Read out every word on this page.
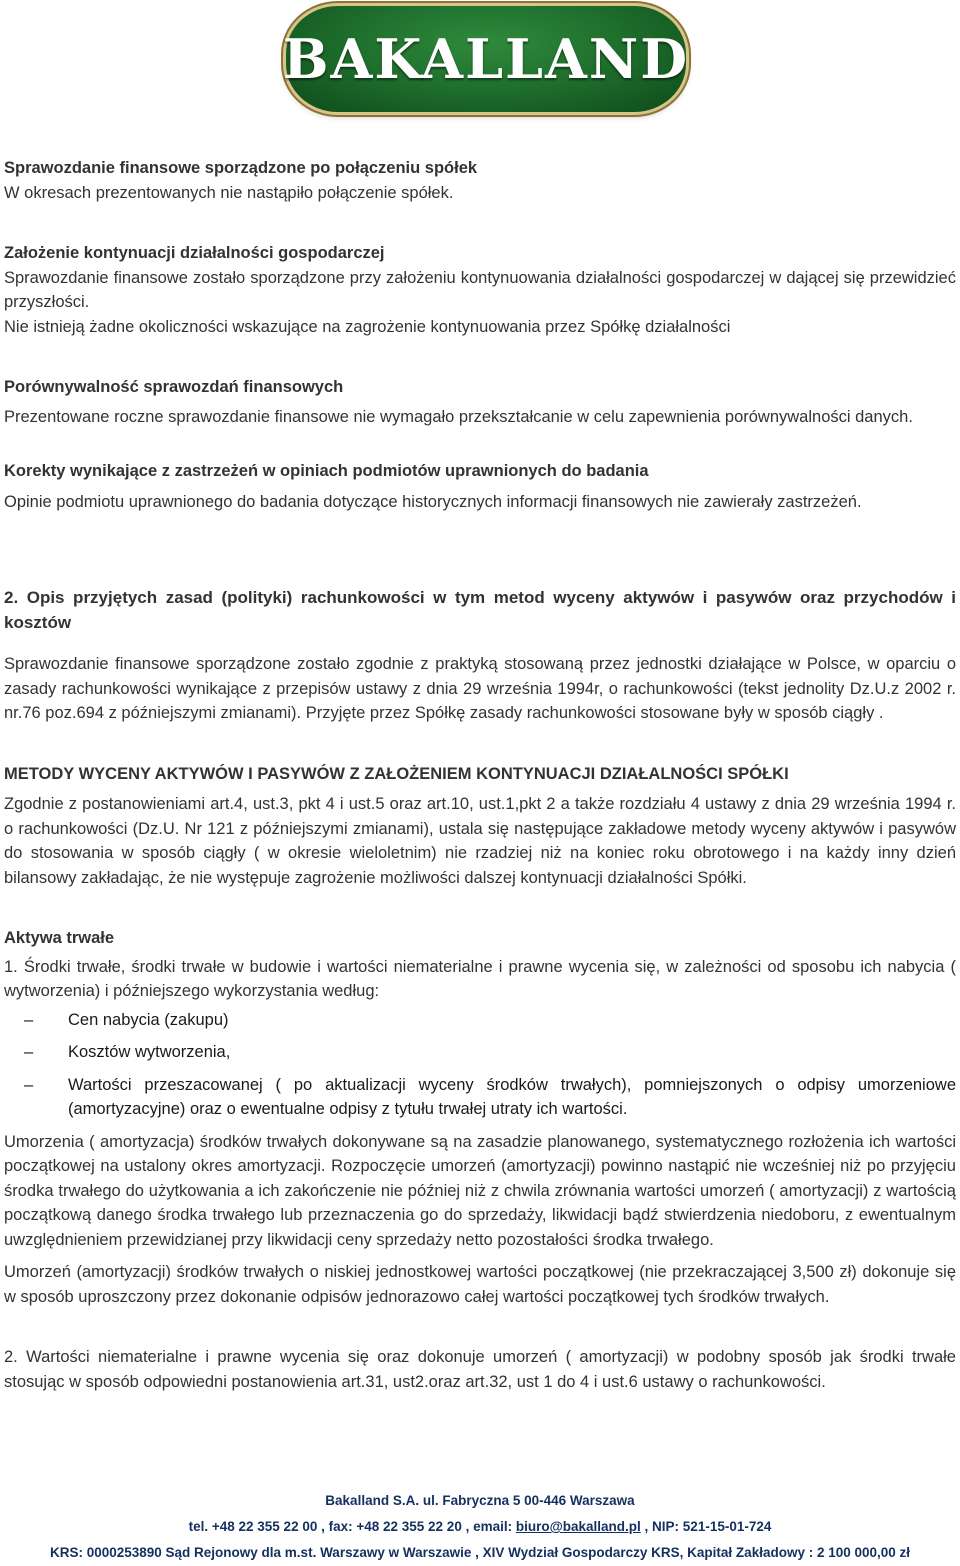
BAKALLAND

Sprawozdanie finansowe sporządzone po połączeniu spółek

W okresach prezentowanych nie nastąpiło połączenie spółek.

Założenie kontynuacji działalności gospodarczej

Sprawozdanie finansowe zostało sporządzone przy założeniu kontynuowania działalności gospodarczej w dającej się przewidzieć przyszłości.

Nie istnieją żadne okoliczności wskazujące na zagrożenie kontynuowania przez Spółkę działalności

Porównywalność sprawozdań finansowych

Prezentowane roczne sprawozdanie finansowe nie wymagało przekształcanie w celu zapewnienia porównywalności danych.

Korekty wynikające z zastrzeżeń w opiniach podmiotów uprawnionych do badania

Opinie podmiotu uprawnionego do badania dotyczące historycznych informacji finansowych nie zawierały zastrzeżeń.

2. Opis przyjętych zasad (polityki) rachunkowości w tym metod wyceny aktywów i pasywów oraz przychodów i kosztów

Sprawozdanie finansowe sporządzone zostało zgodnie z praktyką stosowaną przez jednostki działające w Polsce, w oparciu o zasady rachunkowości wynikające z przepisów ustawy z dnia 29 września 1994r, o rachunkowości (tekst jednolity Dz.U.z 2002 r. nr.76 poz.694 z późniejszymi zmianami). Przyjęte przez Spółkę zasady rachunkowości stosowane były w sposób ciągły .

METODY WYCENY AKTYWÓW I PASYWÓW Z ZAŁOŻENIEM KONTYNUACJI DZIAŁALNOŚCI SPÓŁKI

Zgodnie z postanowieniami art.4, ust.3, pkt 4 i ust.5 oraz art.10, ust.1,pkt 2 a także rozdziału 4 ustawy z dnia 29 września 1994 r. o rachunkowości (Dz.U. Nr 121 z późniejszymi zmianami), ustala się następujące zakładowe metody wyceny aktywów i pasywów do stosowania w sposób ciągły ( w okresie wieloletnim) nie rzadziej niż na koniec roku obrotowego i na każdy inny dzień bilansowy zakładając, że nie występuje zagrożenie możliwości dalszej kontynuacji działalności Spółki.

Aktywa trwałe

1. Środki trwałe, środki trwałe w budowie i wartości niematerialne i prawne wycenia się, w zależności od sposobu ich nabycia ( wytworzenia) i późniejszego wykorzystania według:

– Cen nabycia (zakupu)
– Kosztów wytworzenia,
– Wartości przeszacowanej ( po aktualizacji wyceny środków trwałych), pomniejszonych o odpisy umorzeniowe (amortyzacyjne) oraz o ewentualne odpisy z tytułu trwałej utraty ich wartości.

Umorzenia ( amortyzacja) środków trwałych dokonywane są na zasadzie planowanego, systematycznego rozłożenia ich wartości początkowej na ustalony okres amortyzacji. Rozpoczęcie umorzeń (amortyzacji) powinno nastąpić nie wcześniej niż po przyjęciu środka trwałego do użytkowania a ich zakończenie nie później niż z chwila zrównania wartości umorzeń ( amortyzacji) z wartością początkową danego środka trwałego lub przeznaczenia go do sprzedaży, likwidacji bądź stwierdzenia niedoboru, z ewentualnym uwzględnieniem przewidzianej przy likwidacji ceny sprzedaży netto pozostałości środka trwałego.

Umorzeń (amortyzacji) środków trwałych o niskiej jednostkowej wartości początkowej (nie przekraczającej 3,500 zł) dokonuje się w sposób uproszczony przez dokonanie odpisów jednorazowo całej wartości początkowej tych środków trwałych.

2. Wartości niematerialne i prawne wycenia się oraz dokonuje umorzeń ( amortyzacji) w podobny sposób jak środki trwałe stosując w sposób odpowiedni postanowienia art.31, ust2.oraz art.32, ust 1 do 4 i ust.6 ustawy o rachunkowości.

Bakalland S.A. ul. Fabryczna 5 00-446 Warszawa
tel. +48 22 355 22 00 , fax: +48 22 355 22 20 , email: biuro@bakalland.pl , NIP: 521-15-01-724
KRS: 0000253890 Sąd Rejonowy dla m.st. Warszawy w Warszawie , XIV Wydział Gospodarczy KRS, Kapitał Zakładowy : 2 100 000,00 zł
